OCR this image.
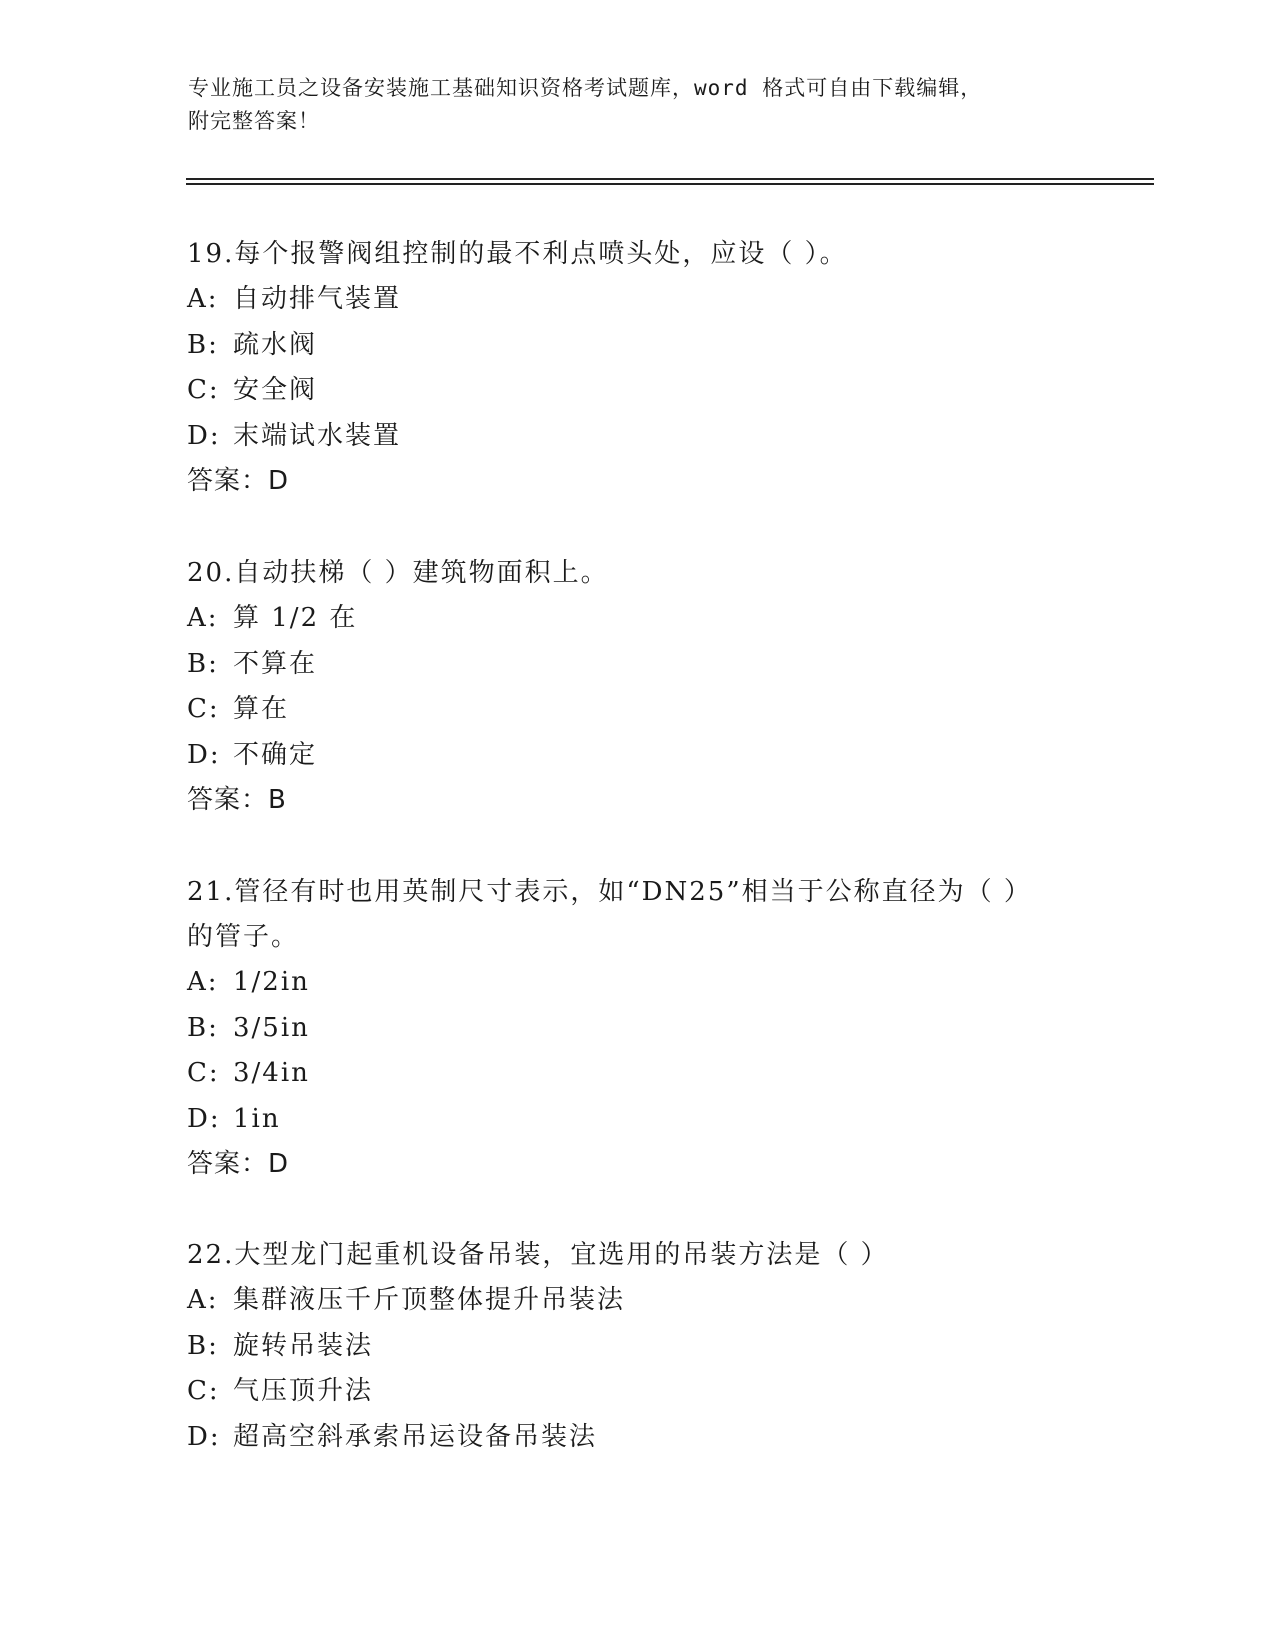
专业施工员之设备安装施工基础知识资格考试题库，word 格式可自由下载编辑，
附完整答案！

19.每个报警阀组控制的最不利点喷头处，应设（ ）。

A: 自动排气装置

B: 疏水阀

C: 安全阀

D: 末端试水装置

答案：D

20.自动扶梯（ ）建筑物面积上。

A: 算 1/2 在

B: 不算在

C: 算在

D: 不确定

答案：B

21.管径有时也用英制尺寸表示，如“DN25”相当于公称直径为（ ）

的管子。

A: 1/2in

B: 3/5in

C: 3/4in

D: 1in

答案：D

22.大型龙门起重机设备吊装，宜选用的吊装方法是（ ）

A: 集群液压千斤顶整体提升吊装法

B: 旋转吊装法

C: 气压顶升法

D: 超高空斜承索吊运设备吊装法
